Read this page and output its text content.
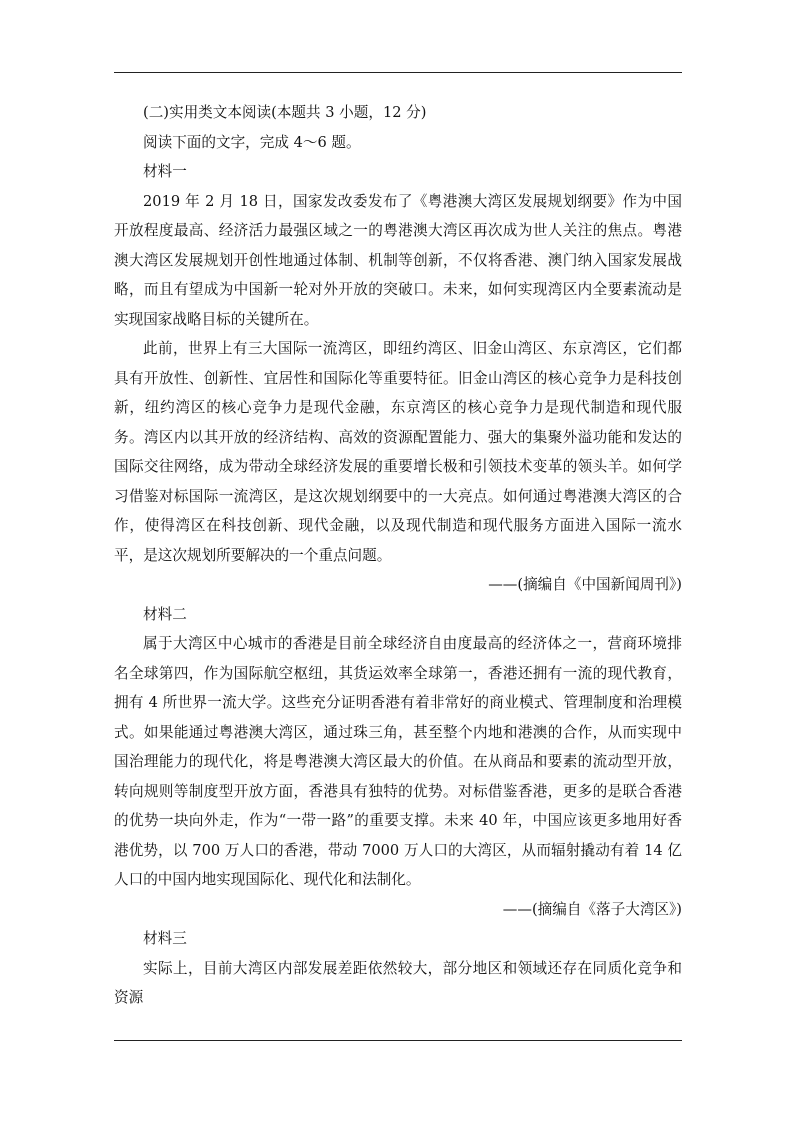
(二)实用类文本阅读(本题共 3 小题，12 分)

阅读下面的文字，完成 4～6 题。

材料一

2019 年 2 月 18 日，国家发改委发布了《粤港澳大湾区发展规划纲要》作为中国开放程度最高、经济活力最强区域之一的粤港澳大湾区再次成为世人关注的焦点。粤港澳大湾区发展规划开创性地通过体制、机制等创新，不仅将香港、澳门纳入国家发展战略，而且有望成为中国新一轮对外开放的突破口。未来，如何实现湾区内全要素流动是实现国家战略目标的关键所在。

此前，世界上有三大国际一流湾区，即纽约湾区、旧金山湾区、东京湾区，它们都具有开放性、创新性、宜居性和国际化等重要特征。旧金山湾区的核心竞争力是科技创新，纽约湾区的核心竞争力是现代金融，东京湾区的核心竞争力是现代制造和现代服务。湾区内以其开放的经济结构、高效的资源配置能力、强大的集聚外溢功能和发达的国际交往网络，成为带动全球经济发展的重要增长极和引领技术变革的领头羊。如何学习借鉴对标国际一流湾区，是这次规划纲要中的一大亮点。如何通过粤港澳大湾区的合作，使得湾区在科技创新、现代金融，以及现代制造和现代服务方面进入国际一流水平，是这次规划所要解决的一个重点问题。

——(摘编自《中国新闻周刊》)

材料二

属于大湾区中心城市的香港是目前全球经济自由度最高的经济体之一，营商环境排名全球第四，作为国际航空枢纽，其货运效率全球第一，香港还拥有一流的现代教育，拥有 4 所世界一流大学。这些充分证明香港有着非常好的商业模式、管理制度和治理模式。如果能通过粤港澳大湾区，通过珠三角，甚至整个内地和港澳的合作，从而实现中国治理能力的现代化，将是粤港澳大湾区最大的价值。在从商品和要素的流动型开放，转向规则等制度型开放方面，香港具有独特的优势。对标借鉴香港，更多的是联合香港的优势一块向外走，作为“一带一路”的重要支撑。未来 40 年，中国应该更多地用好香港优势，以 700 万人口的香港，带动 7000 万人口的大湾区，从而辐射撬动有着 14 亿人口的中国内地实现国际化、现代化和法制化。

——(摘编自《落子大湾区》)

材料三

实际上，目前大湾区内部发展差距依然较大，部分地区和领域还存在同质化竞争和资源
